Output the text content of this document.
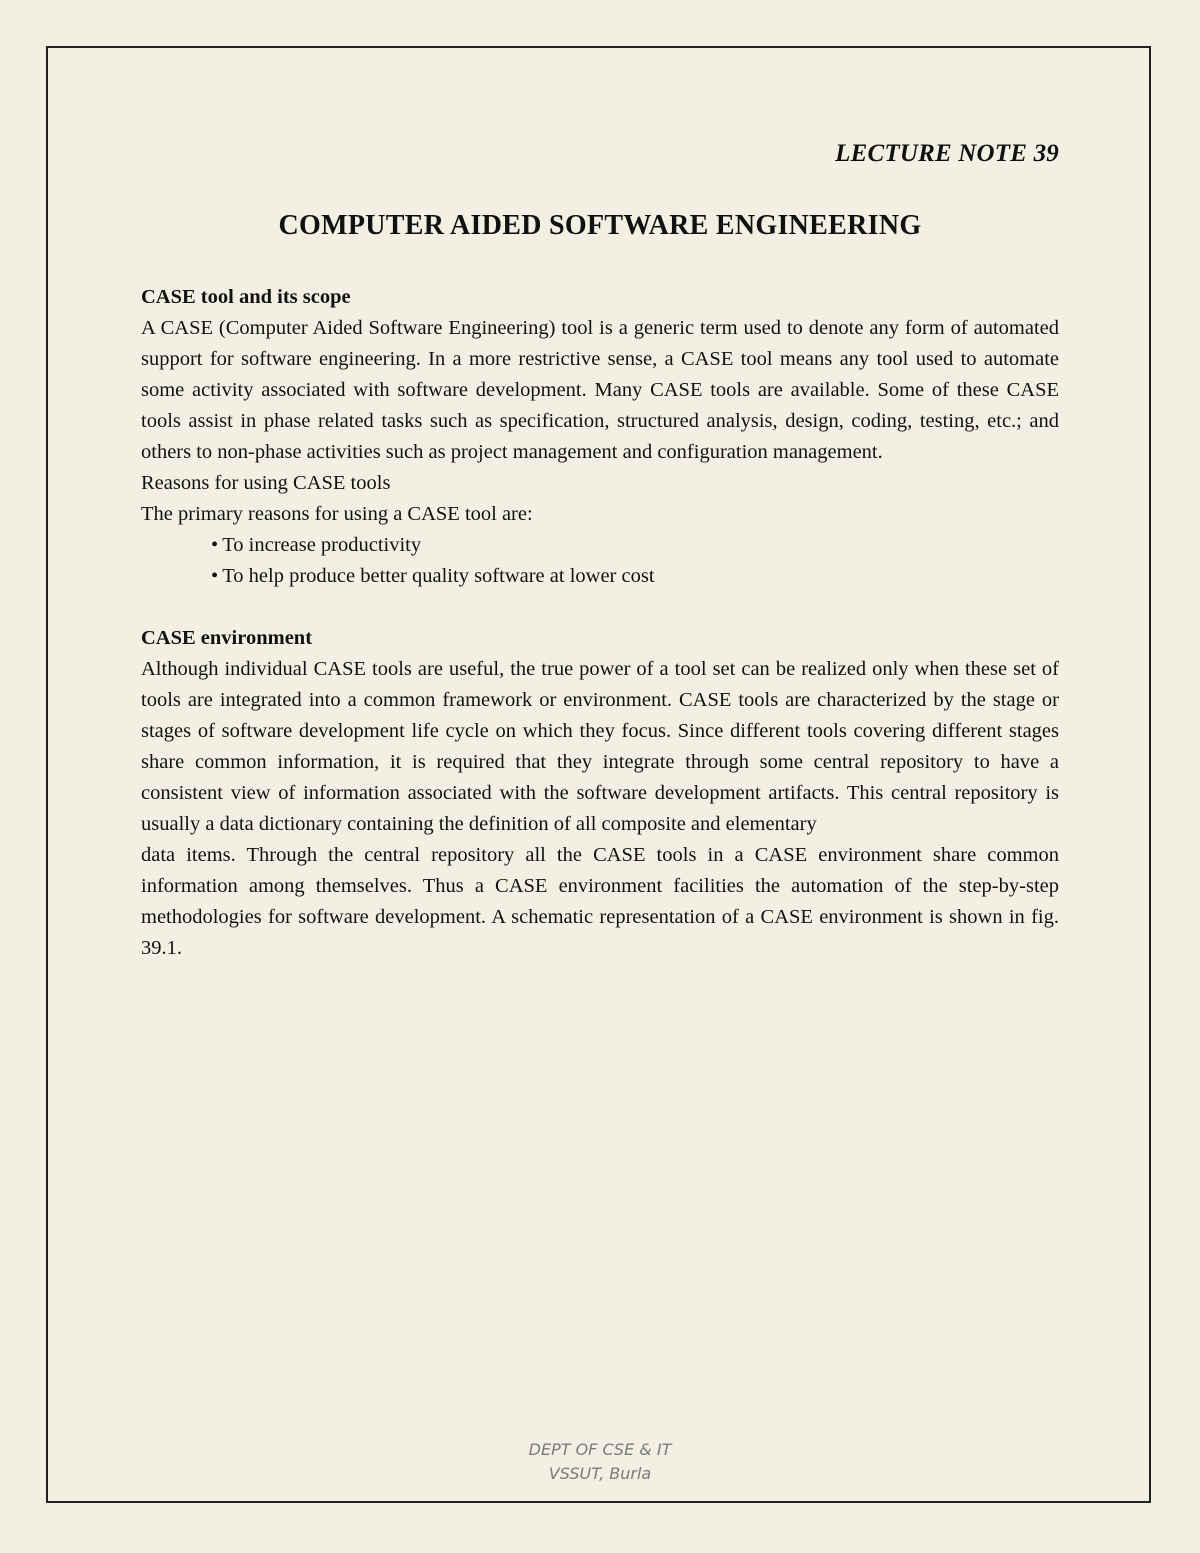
LECTURE NOTE 39
COMPUTER AIDED SOFTWARE ENGINEERING

CASE tool and its scope

A CASE (Computer Aided Software Engineering) tool is a generic term used to denote any form of automated support for software engineering. In a more restrictive sense, a CASE tool means any tool used to automate some activity associated with software development. Many CASE tools are available. Some of these CASE tools assist in phase related tasks such as specification, structured analysis, design, coding, testing, etc.; and others to non-phase activities such as project management and configuration management.

Reasons for using CASE tools

The primary reasons for using a CASE tool are:

• To increase productivity
• To help produce better quality software at lower cost

CASE environment

Although individual CASE tools are useful, the true power of a tool set can be realized only when these set of tools are integrated into a common framework or environment. CASE tools are characterized by the stage or stages of software development life cycle on which they focus. Since different tools covering different stages share common information, it is required that they integrate through some central repository to have a consistent view of information associated with the software development artifacts. This central repository is usually a data dictionary containing the definition of all composite and elementary

data items. Through the central repository all the CASE tools in a CASE environment share common information among themselves. Thus a CASE environment facilities the automation of the step-by-step methodologies for software development. A schematic representation of a CASE environment is shown in fig. 39.1.

DEPT OF CSE & IT
VSSUT, Burla
